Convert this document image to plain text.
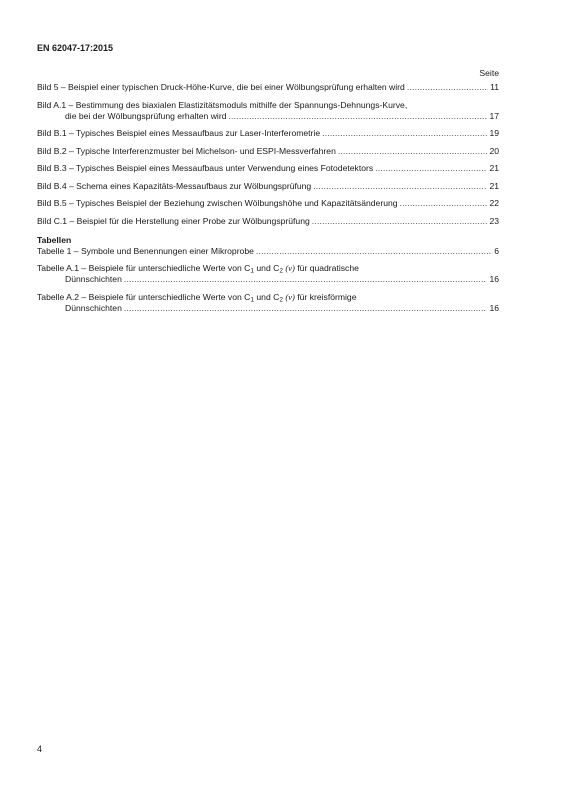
EN 62047-17:2015
Seite
Bild 5 – Beispiel einer typischen Druck-Höhe-Kurve, die bei einer Wölbungsprüfung erhalten wird .....	11
Bild A.1 – Bestimmung des biaxialen Elastizitätsmoduls mithilfe der Spannungs-Dehnungs-Kurve,
die bei der Wölbungsprüfung erhalten wird .....	17
Bild B.1 – Typisches Beispiel eines Messaufbaus zur Laser-Interferometrie .....	19
Bild B.2 – Typische Interferenzmuster bei Michelson- und ESPI-Messverfahren .....	20
Bild B.3 – Typisches Beispiel eines Messaufbaus unter Verwendung eines Fotodetektors .....	21
Bild B.4 – Schema eines Kapazitäts-Messaufbaus zur Wölbungsprüfung .....	21
Bild B.5 – Typisches Beispiel der Beziehung zwischen Wölbungshöhe und Kapazitätsänderung .....	22
Bild C.1 – Beispiel für die Herstellung einer Probe zur Wölbungsprüfung .....	23
Tabellen
Tabelle 1 – Symbole und Benennungen einer Mikroprobe .....	6
Tabelle A.1 – Beispiele für unterschiedliche Werte von $C_1$ und $C_2$ (ν) für quadratische
Dünnschichten .....	16
Tabelle A.2 – Beispiele für unterschiedliche Werte von $C_1$ und $C_2$ (ν) für kreisförmige
Dünnschichten .....	16
4
